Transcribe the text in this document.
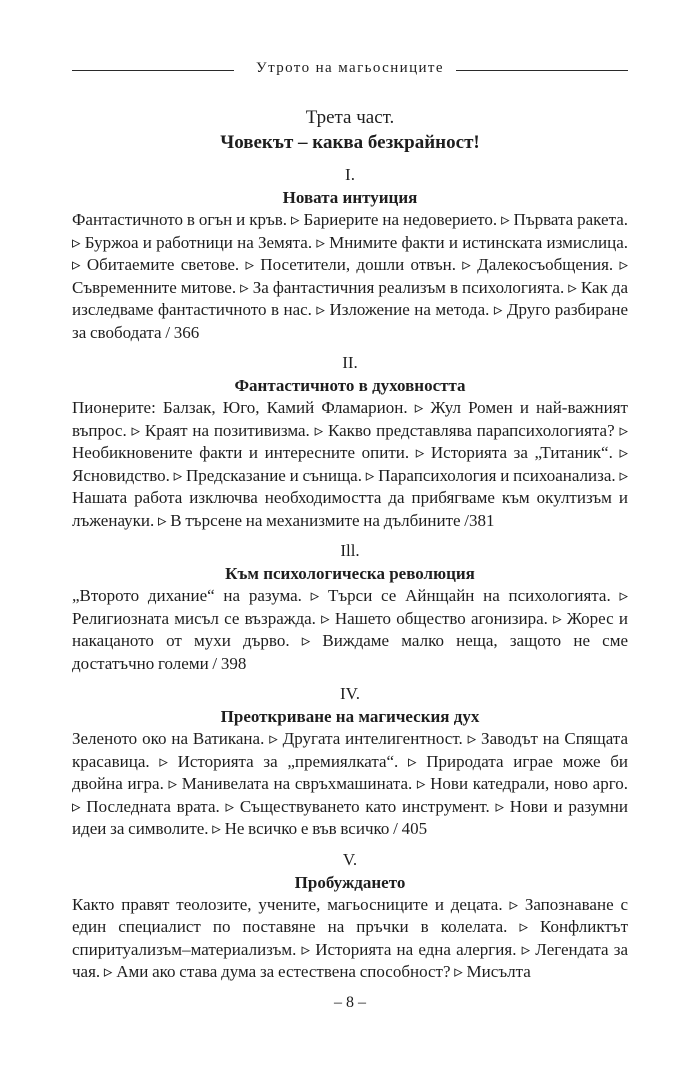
Утрото на магьосниците
Трета част.
Човекът – каква безкрайност!
I.
Новата интуиция
Фантастичното в огън и кръв. ▹ Бариерите на недоверието. ▹ Първата ракета. ▹ Буржоа и работници на Земята. ▹ Мнимите факти и истинската измислица. ▹ Обитаемите светове. ▹ Посетители, дошли отвън. ▹ Далекосъобщения. ▹ Съвременните митове. ▹ За фантастичния реализъм в психологията. ▹ Как да изследваме фантастичното в нас. ▹ Изложение на метода. ▹ Друго разбиране за свободата / 366
II.
Фантастичното в духовността
Пионерите: Балзак, Юго, Камий Фламарион. ▹ Жул Ромен и най-важният въпрос. ▹ Краят на позитивизма. ▹ Какво представлява парапсихологията? ▹ Необикновените факти и интересните опити. ▹ Историята за „Титаник“. ▹ Ясновидство. ▹ Предсказание и сънища. ▹ Парапсихология и психоанализа. ▹ Нашата работа изключва необходимостта да прибягваме към окултизъм и лъженауки. ▹ В търсене на механизмите на дълбините /381
Ill.
Към психологическа революция
„Второто дихание“ на разума. ▹ Търси се Айнщайн на психологията. ▹ Религиозната мисъл се възражда. ▹ Нашето общество агонизира. ▹ Жорес и накацаното от мухи дърво. ▹ Виждаме малко неща, защото не сме достатъчно големи / 398
IV.
Преоткриване на магическия дух
Зеленото око на Ватикана. ▹ Другата интелигентност. ▹ Заводът на Спящата красавица. ▹ Историята за „премиялката“. ▹ Природата играе може би двойна игра. ▹ Манивелата на свръхмашината. ▹ Нови катедрали, ново арго. ▹ Последната врата. ▹ Съществуването като инструмент. ▹ Нови и разумни идеи за символите. ▹ Не всичко е във всичко / 405
V.
Пробуждането
Както правят теолозите, учените, магьосниците и децата. ▹ Запознаване с един специалист по поставяне на пръчки в колелата. ▹ Конфликтът спиритуализъм–материализъм. ▹ Историята на една алергия. ▹ Легендата за чая. ▹ Ами ако става дума за естествена способност? ▹ Мисълта
– 8 –
